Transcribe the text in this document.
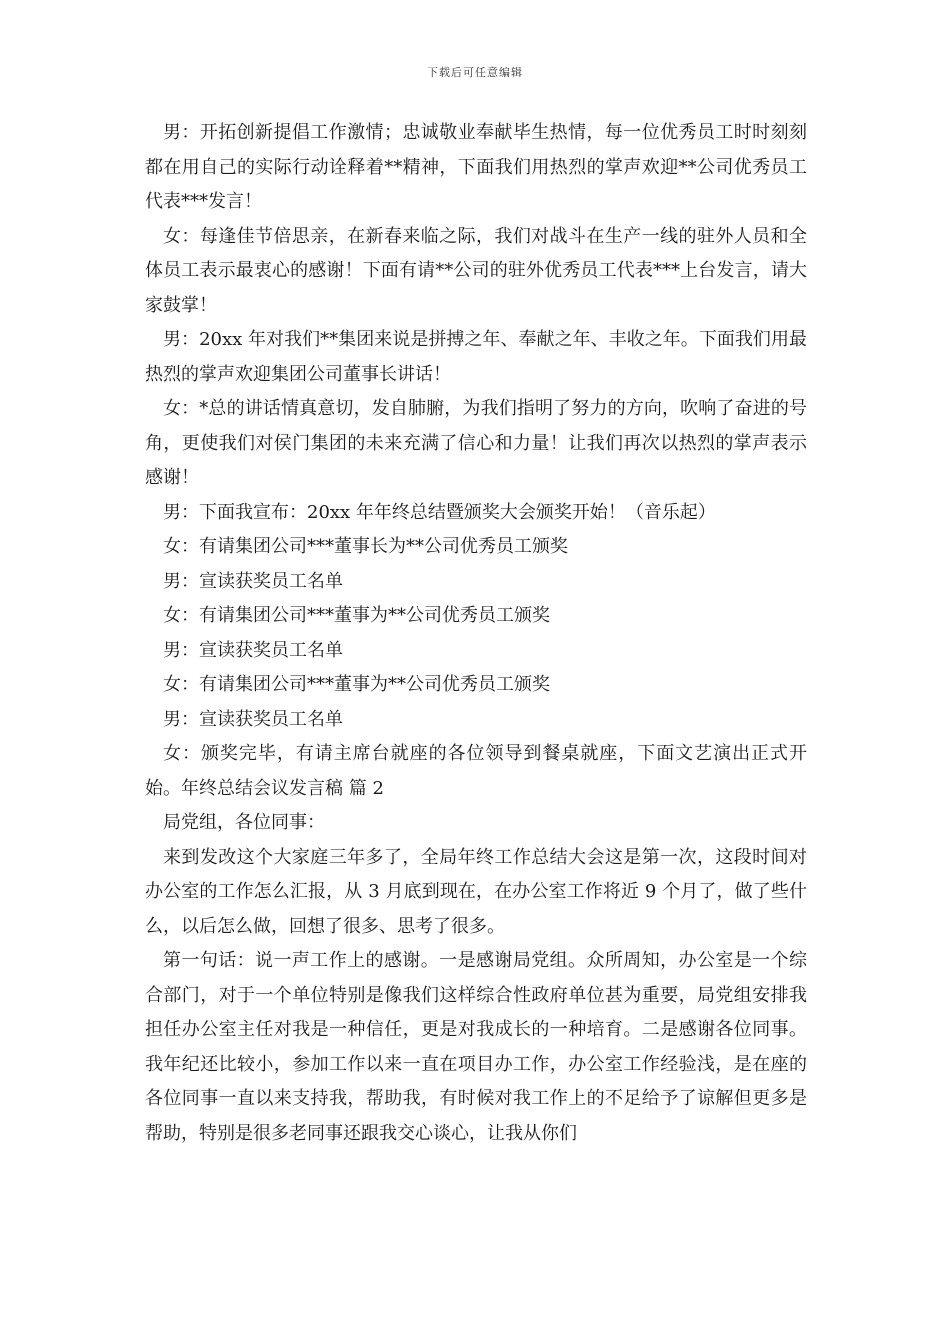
下载后可任意编辑

男：开拓创新提倡工作激情；忠诚敬业奉献毕生热情，每一位优秀员工时时刻刻都在用自己的实际行动诠释着**精神，下面我们用热烈的掌声欢迎**公司优秀员工代表***发言！

女：每逢佳节倍思亲，在新春来临之际，我们对战斗在生产一线的驻外人员和全体员工表示最衷心的感谢！下面有请**公司的驻外优秀员工代表***上台发言，请大家鼓掌！

男：20xx 年对我们**集团来说是拼搏之年、奉献之年、丰收之年。下面我们用最热烈的掌声欢迎集团公司董事长讲话！

女：*总的讲话情真意切，发自肺腑，为我们指明了努力的方向，吹响了奋进的号角，更使我们对侯门集团的未来充满了信心和力量！让我们再次以热烈的掌声表示感谢！

男：下面我宣布：20xx 年年终总结暨颁奖大会颁奖开始！（音乐起）

女：有请集团公司***董事长为**公司优秀员工颁奖

男：宣读获奖员工名单

女：有请集团公司***董事为**公司优秀员工颁奖

男：宣读获奖员工名单

女：有请集团公司***董事为**公司优秀员工颁奖

男：宣读获奖员工名单

女：颁奖完毕，有请主席台就座的各位领导到餐桌就座，下面文艺演出正式开始。年终总结会议发言稿 篇 2

局党组，各位同事：

来到发改这个大家庭三年多了，全局年终工作总结大会这是第一次，这段时间对办公室的工作怎么汇报，从 3 月底到现在，在办公室工作将近 9 个月了，做了些什么，以后怎么做，回想了很多、思考了很多。

第一句话：说一声工作上的感谢。一是感谢局党组。众所周知，办公室是一个综合部门，对于一个单位特别是像我们这样综合性政府单位甚为重要，局党组安排我担任办公室主任对我是一种信任，更是对我成长的一种培育。二是感谢各位同事。我年纪还比较小，参加工作以来一直在项目办工作，办公室工作经验浅，是在座的各位同事一直以来支持我，帮助我，有时候对我工作上的不足给予了谅解但更多是帮助，特别是很多老同事还跟我交心谈心，让我从你们
